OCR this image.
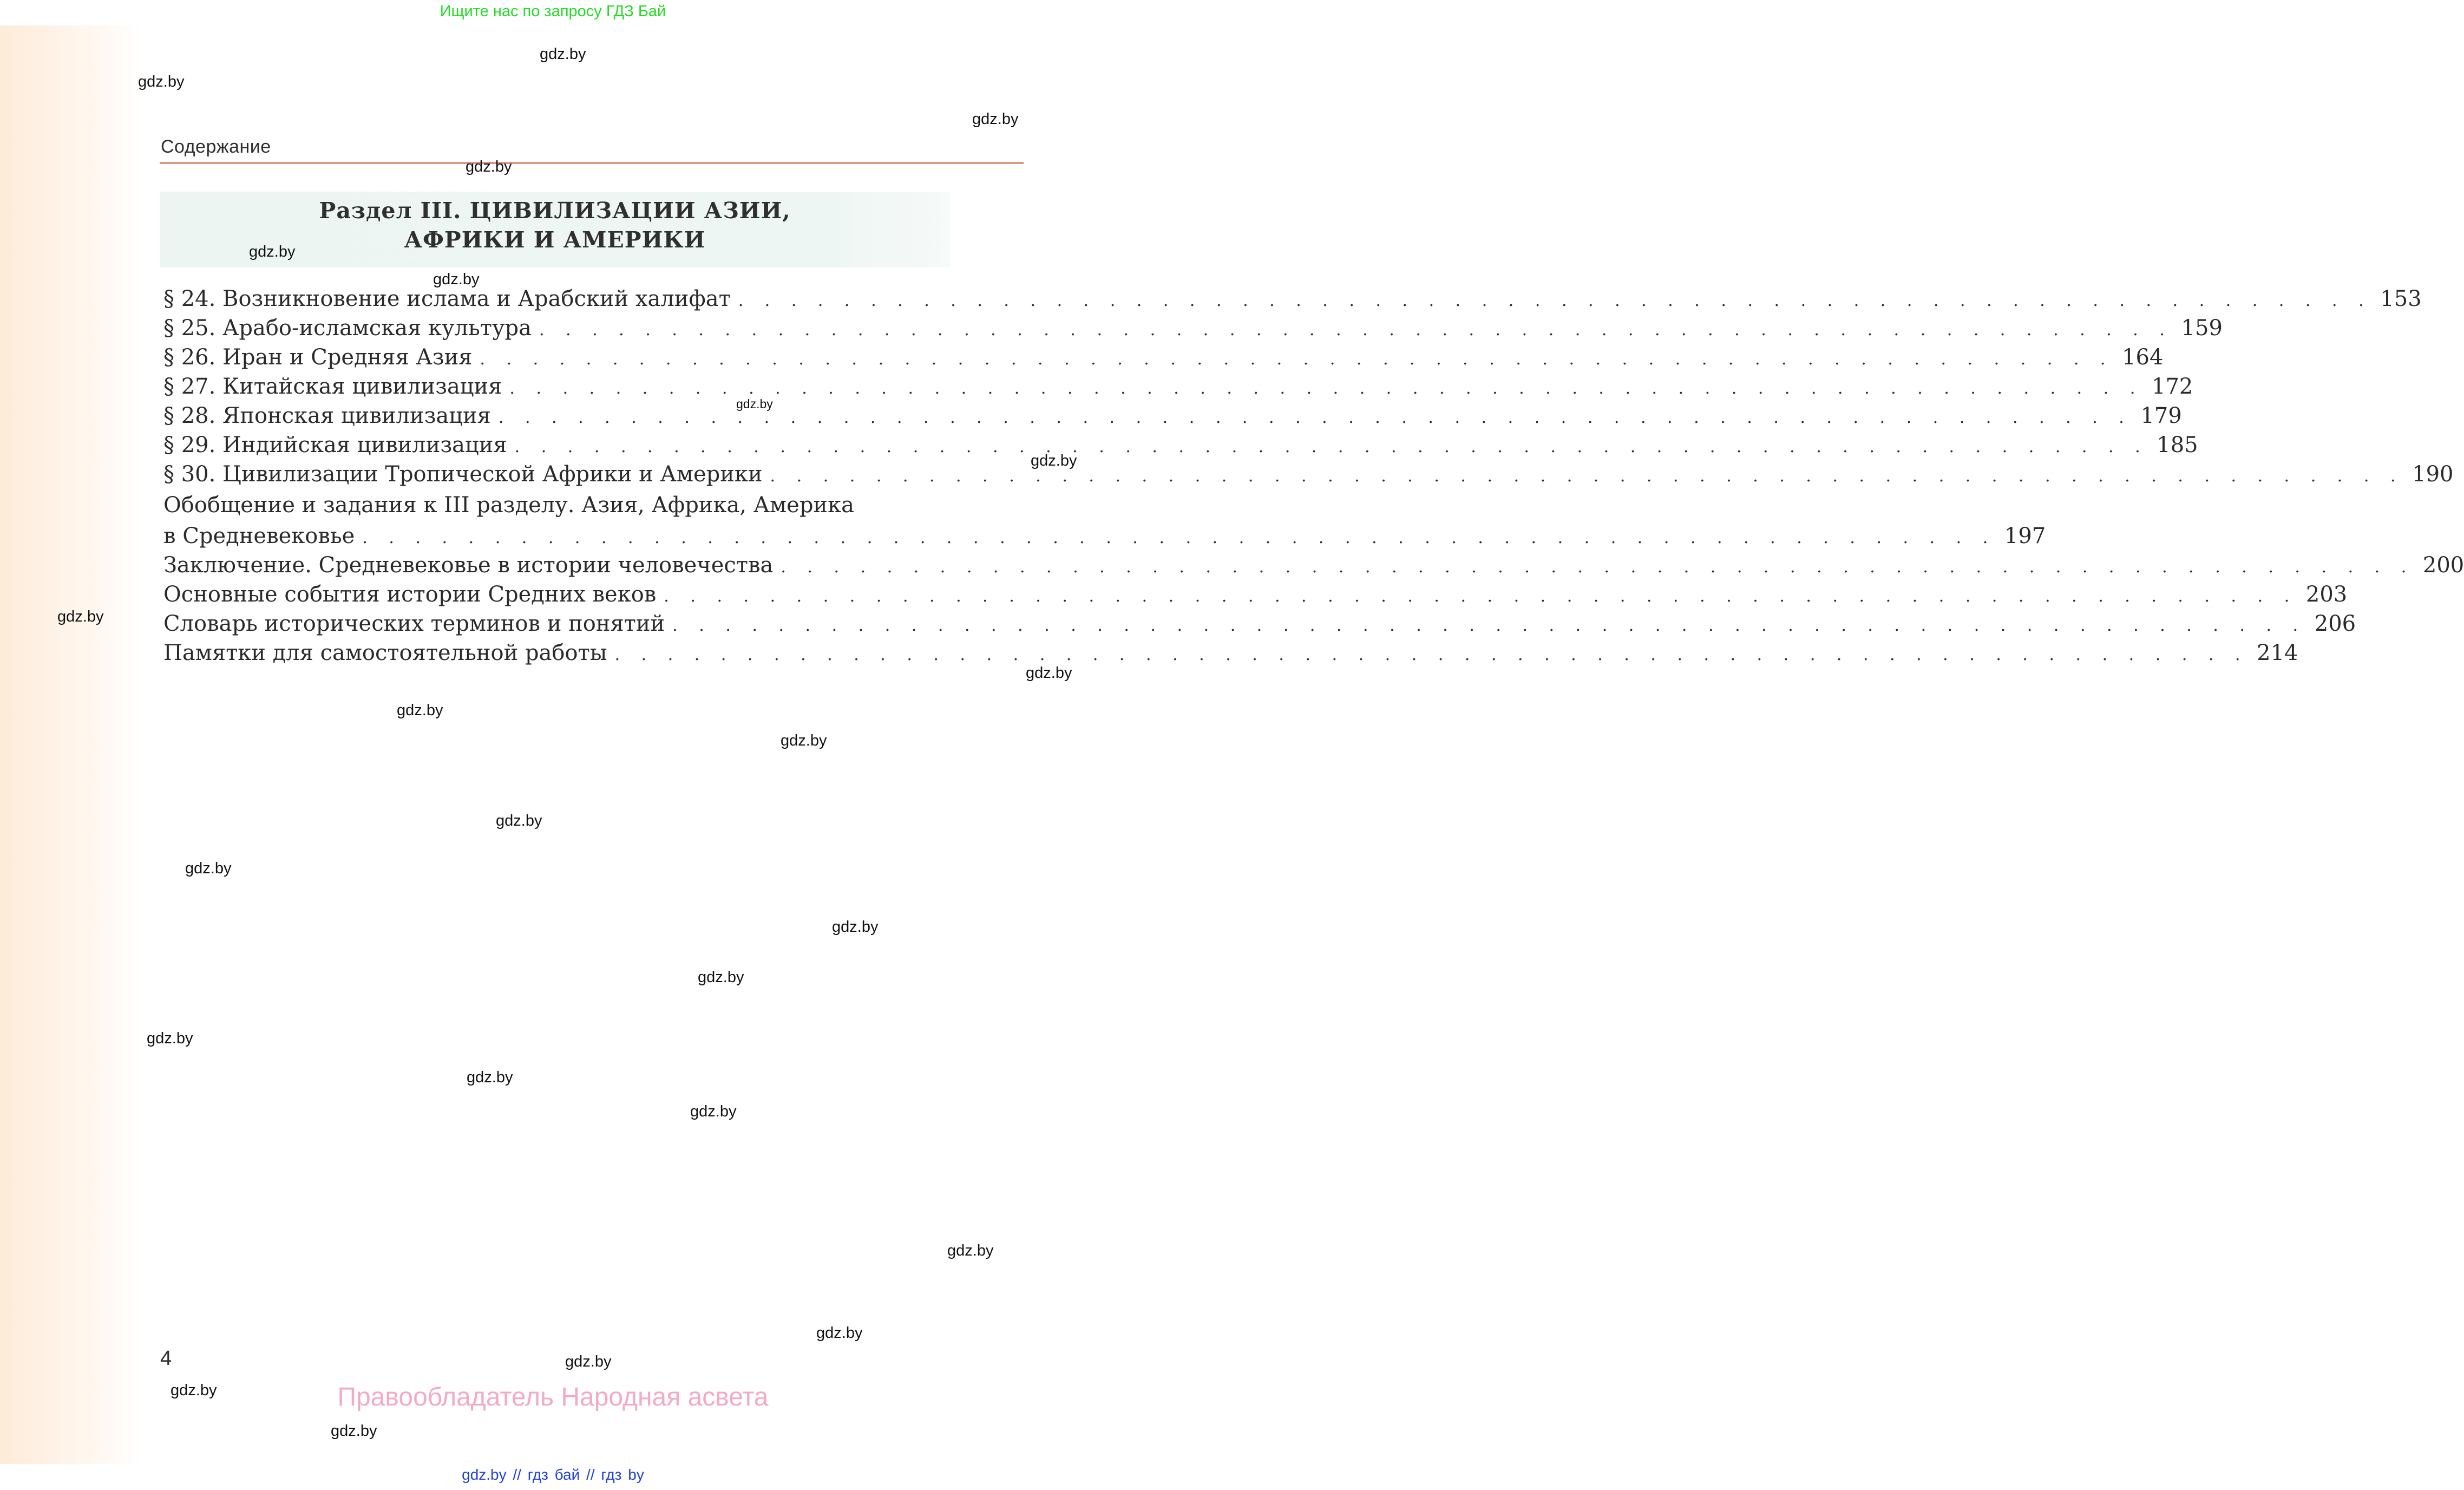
Ищите нас по запросу ГДЗ Бай
Содержание
Раздел III. ЦИВИЛИЗАЦИИ АЗИИ,
АФРИКИ И АМЕРИКИ
§ 24. Возникновение ислама и Арабский халифат . . . . . . . . . . . . . . . . . . . . . . . . . . . . . . . . . . . . . . . . . . . . . . . . . . . . . . . . . . . . . . 153
§ 25. Арабо-исламская культура . . . . . . . . . . . . . . . . . . . . . . . . . . . . . . . . . . . . . . . . . . . . . . . . . . . . . . . . . . . . . . 159
§ 26. Иран и Средняя Азия . . . . . . . . . . . . . . . . . . . . . . . . . . . . . . . . . . . . . . . . . . . . . . . . . . . . . . . . . . . . . . 164
§ 27. Китайская цивилизация . . . . . . . . . . . . . . . . . . . . . . . . . . . . . . . . . . . . . . . . . . . . . . . . . . . . . . . . . . . . . . 172
§ 28. Японская цивилизация . . . . . . . . . . . . . . . . . . . . . . . . . . . . . . . . . . . . . . . . . . . . . . . . . . . . . . . . . . . . . . 179
§ 29. Индийская цивилизация . . . . . . . . . . . . . . . . . . . . . . . . . . . . . . . . . . . . . . . . . . . . . . . . . . . . . . . . . . . . . . 185
§ 30. Цивилизации Тропической Африки и Америки . . . . . . . . . . . . . . . . . . . . . . . . . . . . . . . . . . . . . . . . . . . . . . . . . . . . . . . . . . . . . . 190
Обобщение и задания к III разделу. Азия, Африка, Америка
в Средневековье . . . . . . . . . . . . . . . . . . . . . . . . . . . . . . . . . . . . . . . . . . . . . . . . . . . . . . . . . . . . . . 197
Заключение. Средневековье в истории человечества . . . . . . . . . . . . . . . . . . . . . . . . . . . . . . . . . . . . . . . . . . . . . . . . . . . . . . . . . . . . . . 200
Основные события истории Средних веков . . . . . . . . . . . . . . . . . . . . . . . . . . . . . . . . . . . . . . . . . . . . . . . . . . . . . . . . . . . . . . 203
Словарь исторических терминов и понятий . . . . . . . . . . . . . . . . . . . . . . . . . . . . . . . . . . . . . . . . . . . . . . . . . . . . . . . . . . . . . . 206
Памятки для самостоятельной работы . . . . . . . . . . . . . . . . . . . . . . . . . . . . . . . . . . . . . . . . . . . . . . . . . . . . . . . . . . . . . . 214
4
Правообладатель Народная асвета
gdz.by // гдз бай // гдз by
gdz.by
gdz.by
gdz.by
gdz.by
gdz.by
gdz.by
gdz.by
gdz.by
gdz.by
gdz.by
gdz.by
gdz.by
gdz.by
gdz.by
gdz.by
gdz.by
gdz.by
gdz.by
gdz.by
gdz.by
gdz.by
gdz.by
gdz.by
gdz.by
